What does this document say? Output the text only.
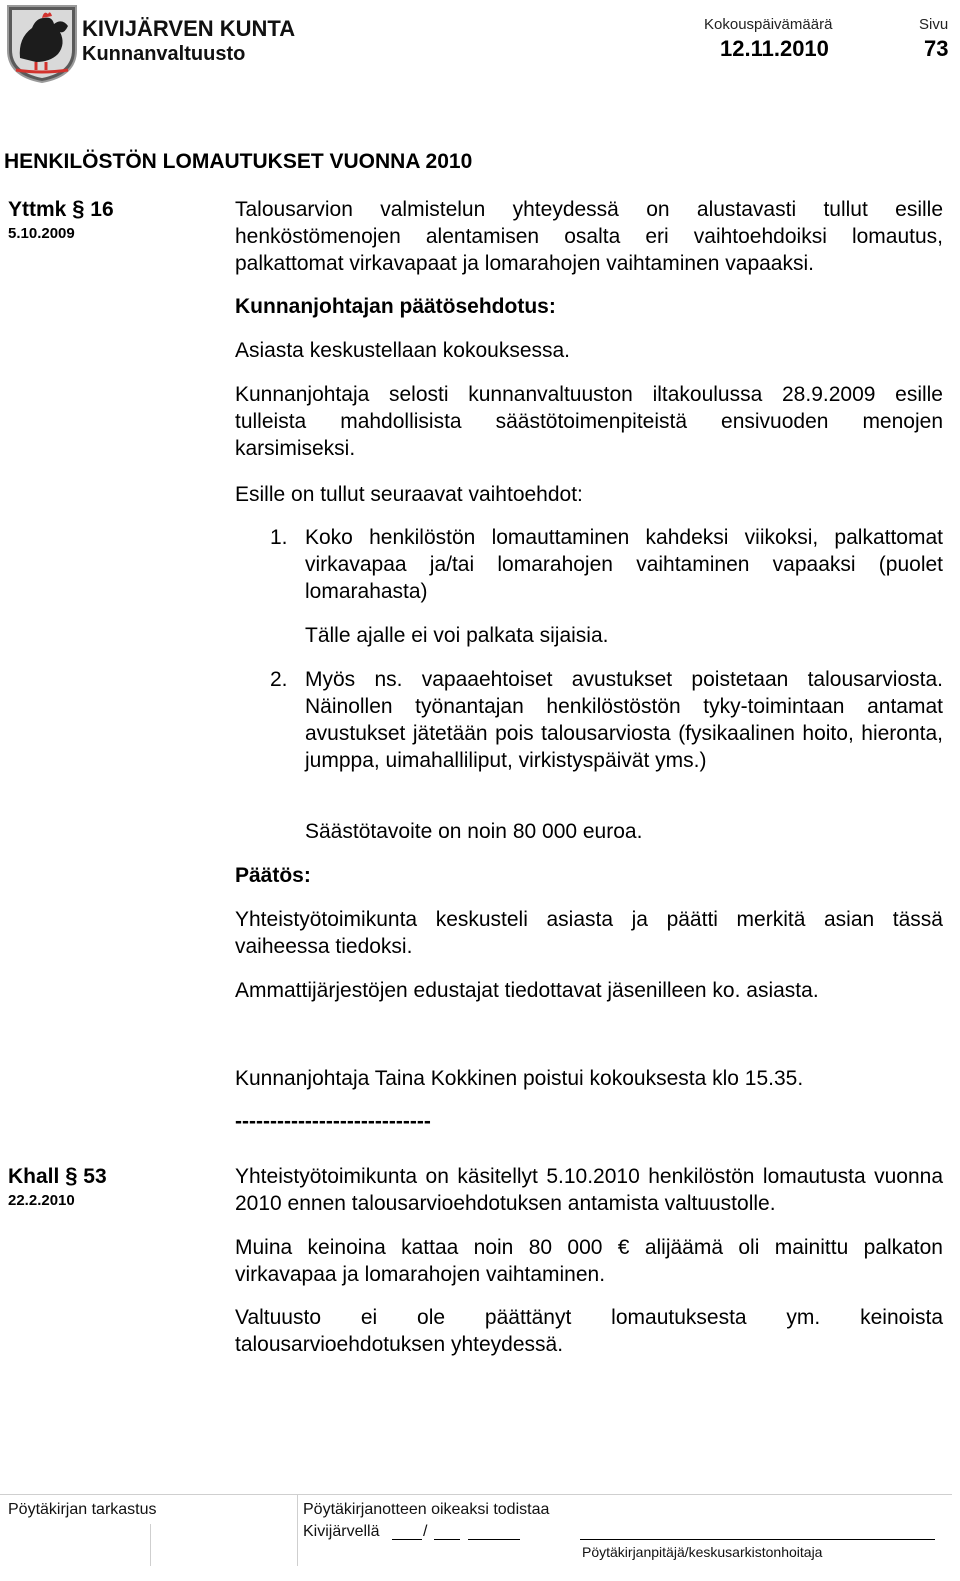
KIVIJÄRVEN KUNTA
Kunnanvaltuusto
Kokouspäivämäärä
12.11.2010
Sivu
73
HENKILÖSTÖN LOMAUTUKSET VUONNA 2010
Yttmk § 16
5.10.2009
Talousarvion valmistelun yhteydessä on alustavasti tullut esille henköstömenojen alentamisen osalta eri vaihtoehdoiksi lomautus, palkattomat virkavapaat ja lomarahojen vaihtaminen vapaaksi.
Kunnanjohtajan päätösehdotus:
Asiasta keskustellaan kokouksessa.
Kunnanjohtaja selosti kunnanvaltuuston iltakoulussa 28.9.2009 esille tulleista mahdollisista säästötoimenpiteistä ensivuoden menojen karsimiseksi.
Esille on tullut seuraavat vaihtoehdot:
1. Koko henkilöstön lomauttaminen kahdeksi viikoksi, palkattomat virkavapaa ja/tai lomarahojen vaihtaminen vapaaksi (puolet lomarahasta)
Tälle ajalle ei voi palkata sijaisia.
2. Myös ns. vapaaehtoiset avustukset poistetaan talousarviosta. Näinollen työnantajan henkilöstöstön tyky-toimintaan antamat avustukset jätetään pois talousarviosta (fysikaalinen hoito, hieronta, jumppa, uimahalliliput, virkistyspäivät yms.)
Säästötavoite on noin 80 000 euroa.
Päätös:
Yhteistyötoimikunta keskusteli asiasta ja päätti merkitä asian tässä vaiheessa tiedoksi.
Ammattijärjestöjen edustajat tiedottavat jäsenilleen ko. asiasta.
Kunnanjohtaja Taina Kokkinen poistui kokouksesta klo 15.35.
----------------------------
Khall § 53
22.2.2010
Yhteistyötoimikunta on käsitellyt 5.10.2010 henkilöstön lomautusta vuonna 2010 ennen talousarvioehdotuksen antamista valtuustolle.
Muina keinoina kattaa noin 80 000 € alijäämä oli mainittu palkaton virkavapaa ja lomarahojen vaihtaminen.
Valtuusto ei ole päättänyt lomautuksesta ym. keinoista talousarvioehdotuksen yhteydessä.
Pöytäkirjan tarkastus	Pöytäkirjanotteen oikeaksi todistaa
Kivijärvellä	/
Pöytäkirjanpitäjä/keskusarkistonhoitaja
